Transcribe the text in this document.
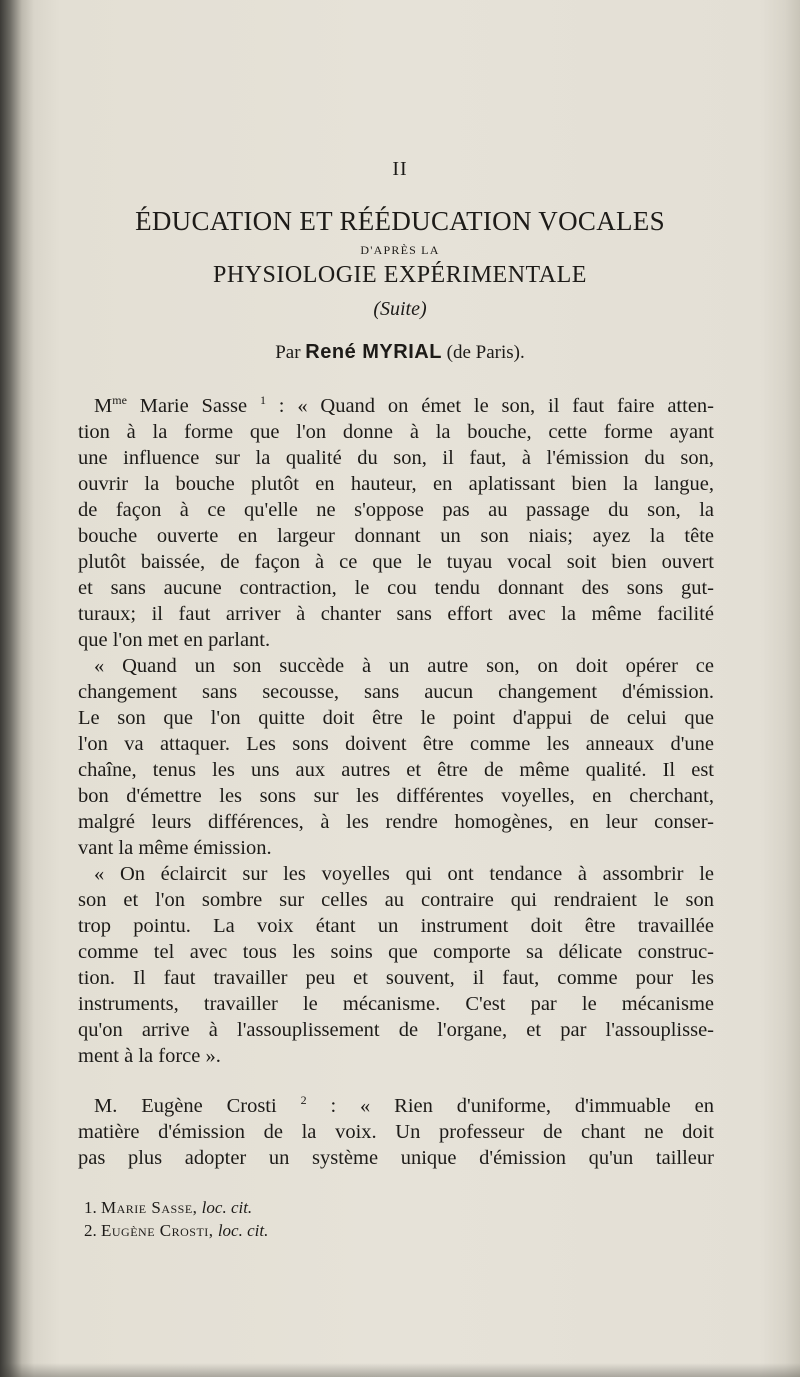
II
ÉDUCATION ET RÉÉDUCATION VOCALES
D'APRÈS LA
PHYSIOLOGIE EXPÉRIMENTALE
(Suite)
Par René MYRIAL (de Paris).
$M^{me}$ Marie Sasse $^1$ : « Quand on émet le son, il faut faire atten-
tion à la forme que l'on donne à la bouche, cette forme ayant
une influence sur la qualité du son, il faut, à l'émission du son,
ouvrir la bouche plutôt en hauteur, en aplatissant bien la langue,
de façon à ce qu'elle ne s'oppose pas au passage du son, la
bouche ouverte en largeur donnant un son niais; ayez la tête
plutôt baissée, de façon à ce que le tuyau vocal soit bien ouvert
et sans aucune contraction, le cou tendu donnant des sons gut-
turaux; il faut arriver à chanter sans effort avec la même facilité
que l'on met en parlant.
« Quand un son succède à un autre son, on doit opérer ce
changement sans secousse, sans aucun changement d'émission.
Le son que l'on quitte doit être le point d'appui de celui que
l'on va attaquer. Les sons doivent être comme les anneaux d'une
chaîne, tenus les uns aux autres et être de même qualité. Il est
bon d'émettre les sons sur les différentes voyelles, en cherchant,
malgré leurs différences, à les rendre homogènes, en leur conser-
vant la même émission.
« On éclaircit sur les voyelles qui ont tendance à assombrir le
son et l'on sombre sur celles au contraire qui rendraient le son
trop pointu. La voix étant un instrument doit être travaillée
comme tel avec tous les soins que comporte sa délicate construc-
tion. Il faut travailler peu et souvent, il faut, comme pour les
instruments, travailler le mécanisme. C'est par le mécanisme
qu'on arrive à l'assouplissement de l'organe, et par l'assouplisse-
ment à la force ».
M. Eugène Crosti $^2$ : « Rien d'uniforme, d'immuable en
matière d'émission de la voix. Un professeur de chant ne doit
pas plus adopter un système unique d'émission qu'un tailleur
1. Marie Sasse, loc. cit.
2. Eugène Crosti, loc. cit.
